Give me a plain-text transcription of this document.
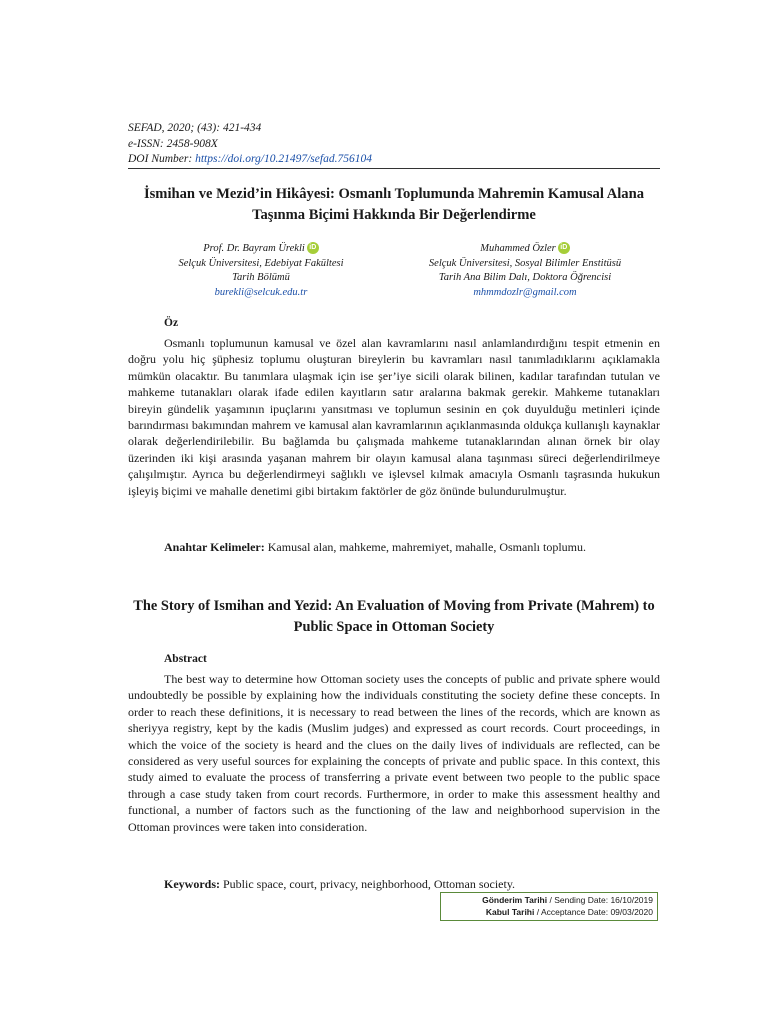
SEFAD, 2020; (43): 421-434
e-ISSN: 2458-908X
DOI Number: https://doi.org/10.21497/sefad.756104
İsmihan ve Mezid’in Hikâyesi: Osmanlı Toplumunda Mahremin Kamusal Alana Taşınma Biçimi Hakkında Bir Değerlendirme
Prof. Dr. Bayram Ürekli iD
Selçuk Üniversitesi, Edebiyat Fakültesi
Tarih Bölümü
burekli@selcuk.edu.tr
Muhammed Özler iD
Selçuk Üniversitesi, Sosyal Bilimler Enstitüsü
Tarih Ana Bilim Dalı, Doktora Öğrencisi
mhmmdozlr@gmail.com
Öz

Osmanlı toplumunun kamusal ve özel alan kavramlarını nasıl anlamlandırdığını tespit etmenin en doğru yolu hiç şüphesiz toplumu oluşturan bireylerin bu kavramları nasıl tanımladıklarını açıklamakla mümkün olacaktır. Bu tanımlara ulaşmak için ise şer’iye sicili olarak bilinen, kadılar tarafından tutulan ve mahkeme tutanakları olarak ifade edilen kayıtların satır aralarına bakmak gerekir. Mahkeme tutanakları bireyin gündelik yaşamının ipuçlarını yansıtması ve toplumun sesinin en çok duyulduğu metinleri içinde barındırması bakımından mahrem ve kamusal alan kavramlarının açıklanmasında oldukça kullanışlı kaynaklar olarak değerlendirilebilir. Bu bağlamda bu çalışmada mahkeme tutanaklarından alınan örnek bir olay üzerinden iki kişi arasında yaşanan mahrem bir olayın kamusal alana taşınması süreci değerlendirilmeye çalışılmıştır. Ayrıca bu değerlendirmeyi sağlıklı ve işlevsel kılmak amacıyla Osmanlı taşrasında hukukun işleyiş biçimi ve mahalle denetimi gibi birtakım faktörler de göz önünde bulundurulmuştur.

Anahtar Kelimeler: Kamusal alan, mahkeme, mahremiyet, mahalle, Osmanlı toplumu.

The Story of Ismihan and Yezid: An Evaluation of Moving from Private (Mahrem) to Public Space in Ottoman Society
Abstract

The best way to determine how Ottoman society uses the concepts of public and private sphere would undoubtedly be possible by explaining how the individuals constituting the society define these concepts. In order to reach these definitions, it is necessary to read between the lines of the records, which are known as sheriyya registry, kept by the kadis (Muslim judges) and expressed as court records. Court proceedings, in which the voice of the society is heard and the clues on the daily lives of individuals are reflected, can be considered as very useful sources for explaining the concepts of private and public space. In this context, this study aimed to evaluate the process of transferring a private event between two people to the public space through a case study taken from court records. Furthermore, in order to make this assessment healthy and functional, a number of factors such as the functioning of the law and neighborhood supervision in the Ottoman provinces were taken into consideration.

Keywords: Public space, court, privacy, neighborhood, Ottoman society.

Gönderim Tarihi / Sending Date: 16/10/2019
Kabul Tarihi / Acceptance Date: 09/03/2020
